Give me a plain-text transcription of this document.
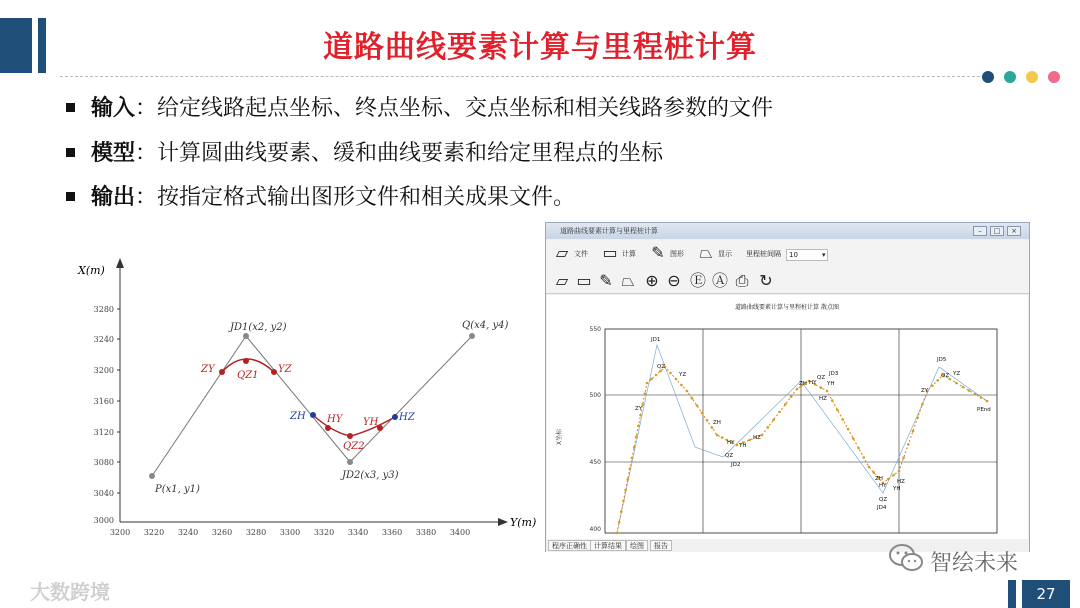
道路曲线要素计算与里程桩计算
输入：给定线路起点坐标、终点坐标、交点坐标和相关线路参数的文件
模型：计算圆曲线要素、缓和曲线要素和给定里程点的坐标
输出：按指定格式输出图形文件和相关成果文件。
X(m)
Y(m)
3280
3240
3200
3160
3120
3080
3040
3000
3200 3220 3240 3260 3280 3300 3320 3340 3360 3380 3400
P(x1, y1)
JD1(x2, y2)
JD2(x3, y3)
Q(x4, y4)
ZY
QZ1
YZ
ZH HY
QZ2
YH HZ
道路曲线要素计算与里程桩计算	–	□	×
▱ 文件 ▭ 计算 ✎ 图形 ⏢ 显示 里程桩间隔	10	▾
▱ ▭ ✎ ⏢ ⊕ ⊖ Ⓔ Ⓐ ⎙ ↻
道路曲线要素计算与里程桩计算 散点图
X坐标
550
500
450
400
JD1
QZ
YZ
ZY
ZH
HY YH
QZ
HZ
JD2
ZH
QZ
JD3
HY YH
HZ
JD5
ZY
QZ YZ
PEnd
ZH
HY YH
HZ
QZ
JD4
程序正确性	计算结果	绘图	报告
智绘未来
大数跨境	27
